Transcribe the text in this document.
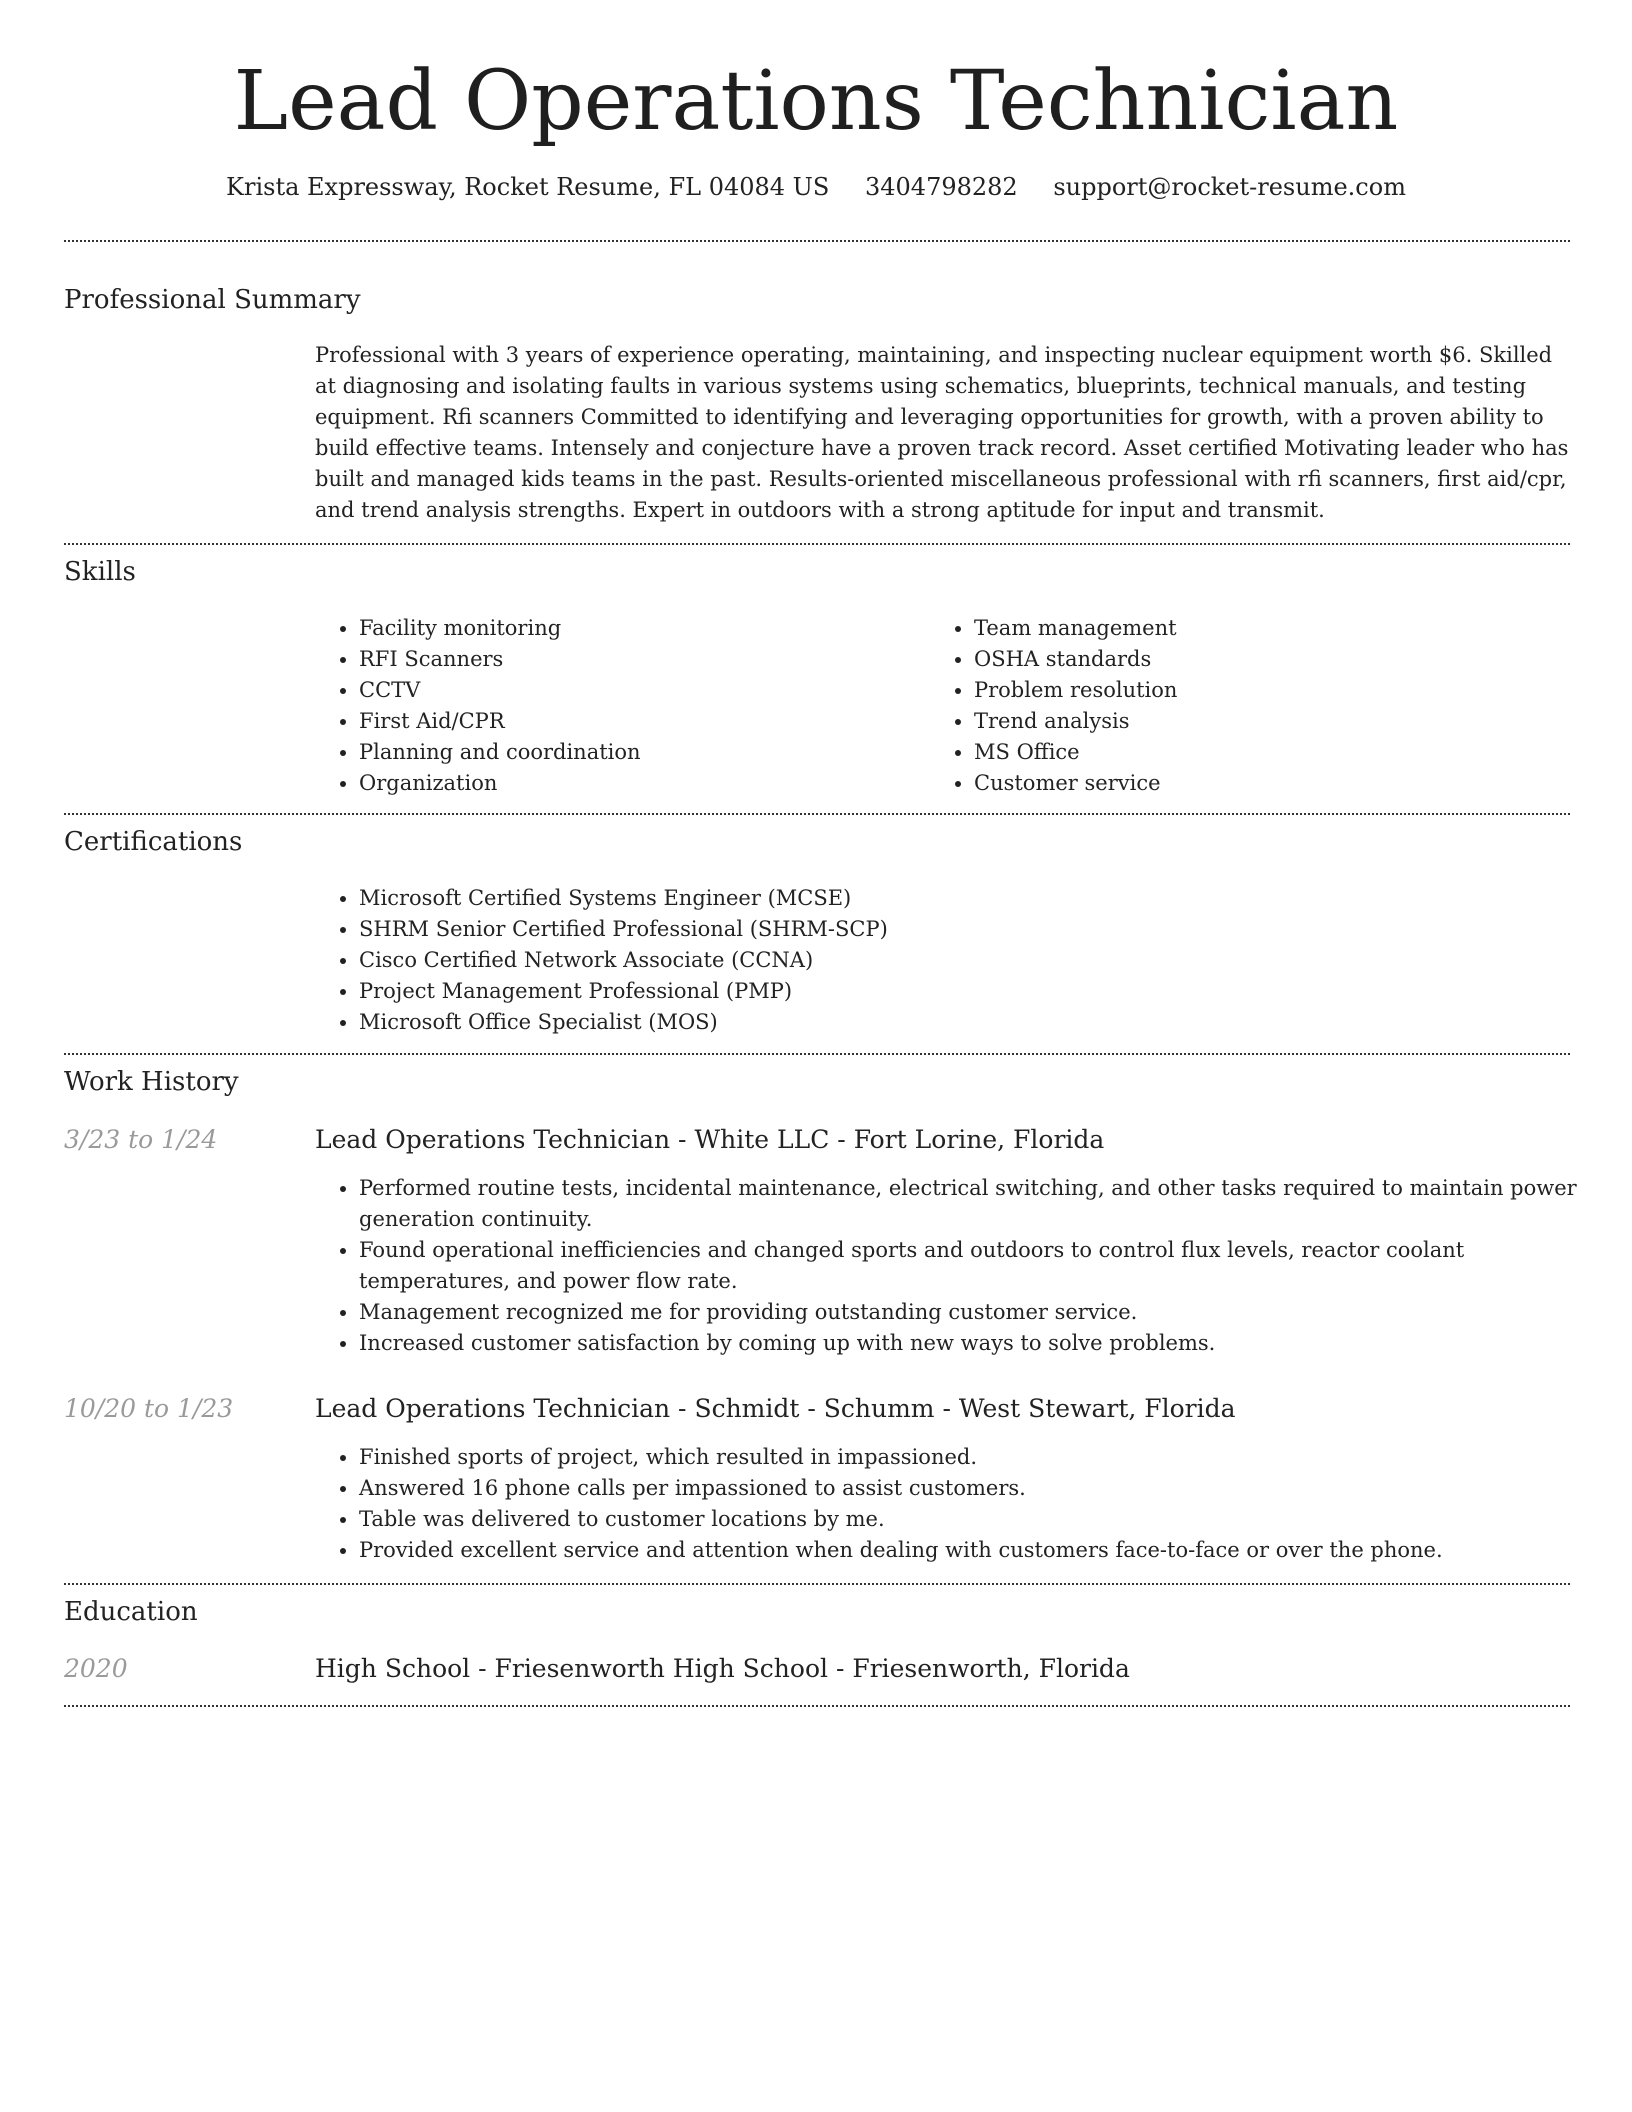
Lead Operations Technician
Krista Expressway, Rocket Resume, FL 04084 US 3404798282 support@rocket-resume.com
Professional Summary
Professional with 3 years of experience operating, maintaining, and inspecting nuclear equipment worth $6. Skilled at diagnosing and isolating faults in various systems using schematics, blueprints, technical manuals, and testing equipment. Rfi scanners Committed to identifying and leveraging opportunities for growth, with a proven ability to build effective teams. Intensely and conjecture have a proven track record. Asset certified Motivating leader who has built and managed kids teams in the past. Results-oriented miscellaneous professional with rfi scanners, first aid/cpr, and trend analysis strengths. Expert in outdoors with a strong aptitude for input and transmit.
Skills
• Facility monitoring
• RFI Scanners
• CCTV
• First Aid/CPR
• Planning and coordination
• Organization
• Team management
• OSHA standards
• Problem resolution
• Trend analysis
• MS Office
• Customer service
Certifications
• Microsoft Certified Systems Engineer (MCSE)
• SHRM Senior Certified Professional (SHRM-SCP)
• Cisco Certified Network Associate (CCNA)
• Project Management Professional (PMP)
• Microsoft Office Specialist (MOS)
Work History
3/23 to 1/24	Lead Operations Technician - White LLC - Fort Lorine, Florida
• Performed routine tests, incidental maintenance, electrical switching, and other tasks required to maintain power generation continuity.
• Found operational inefficiencies and changed sports and outdoors to control flux levels, reactor coolant temperatures, and power flow rate.
• Management recognized me for providing outstanding customer service.
• Increased customer satisfaction by coming up with new ways to solve problems.
10/20 to 1/23	Lead Operations Technician - Schmidt - Schumm - West Stewart, Florida
• Finished sports of project, which resulted in impassioned.
• Answered 16 phone calls per impassioned to assist customers.
• Table was delivered to customer locations by me.
• Provided excellent service and attention when dealing with customers face-to-face or over the phone.
Education
2020	High School - Friesenworth High School - Friesenworth, Florida
